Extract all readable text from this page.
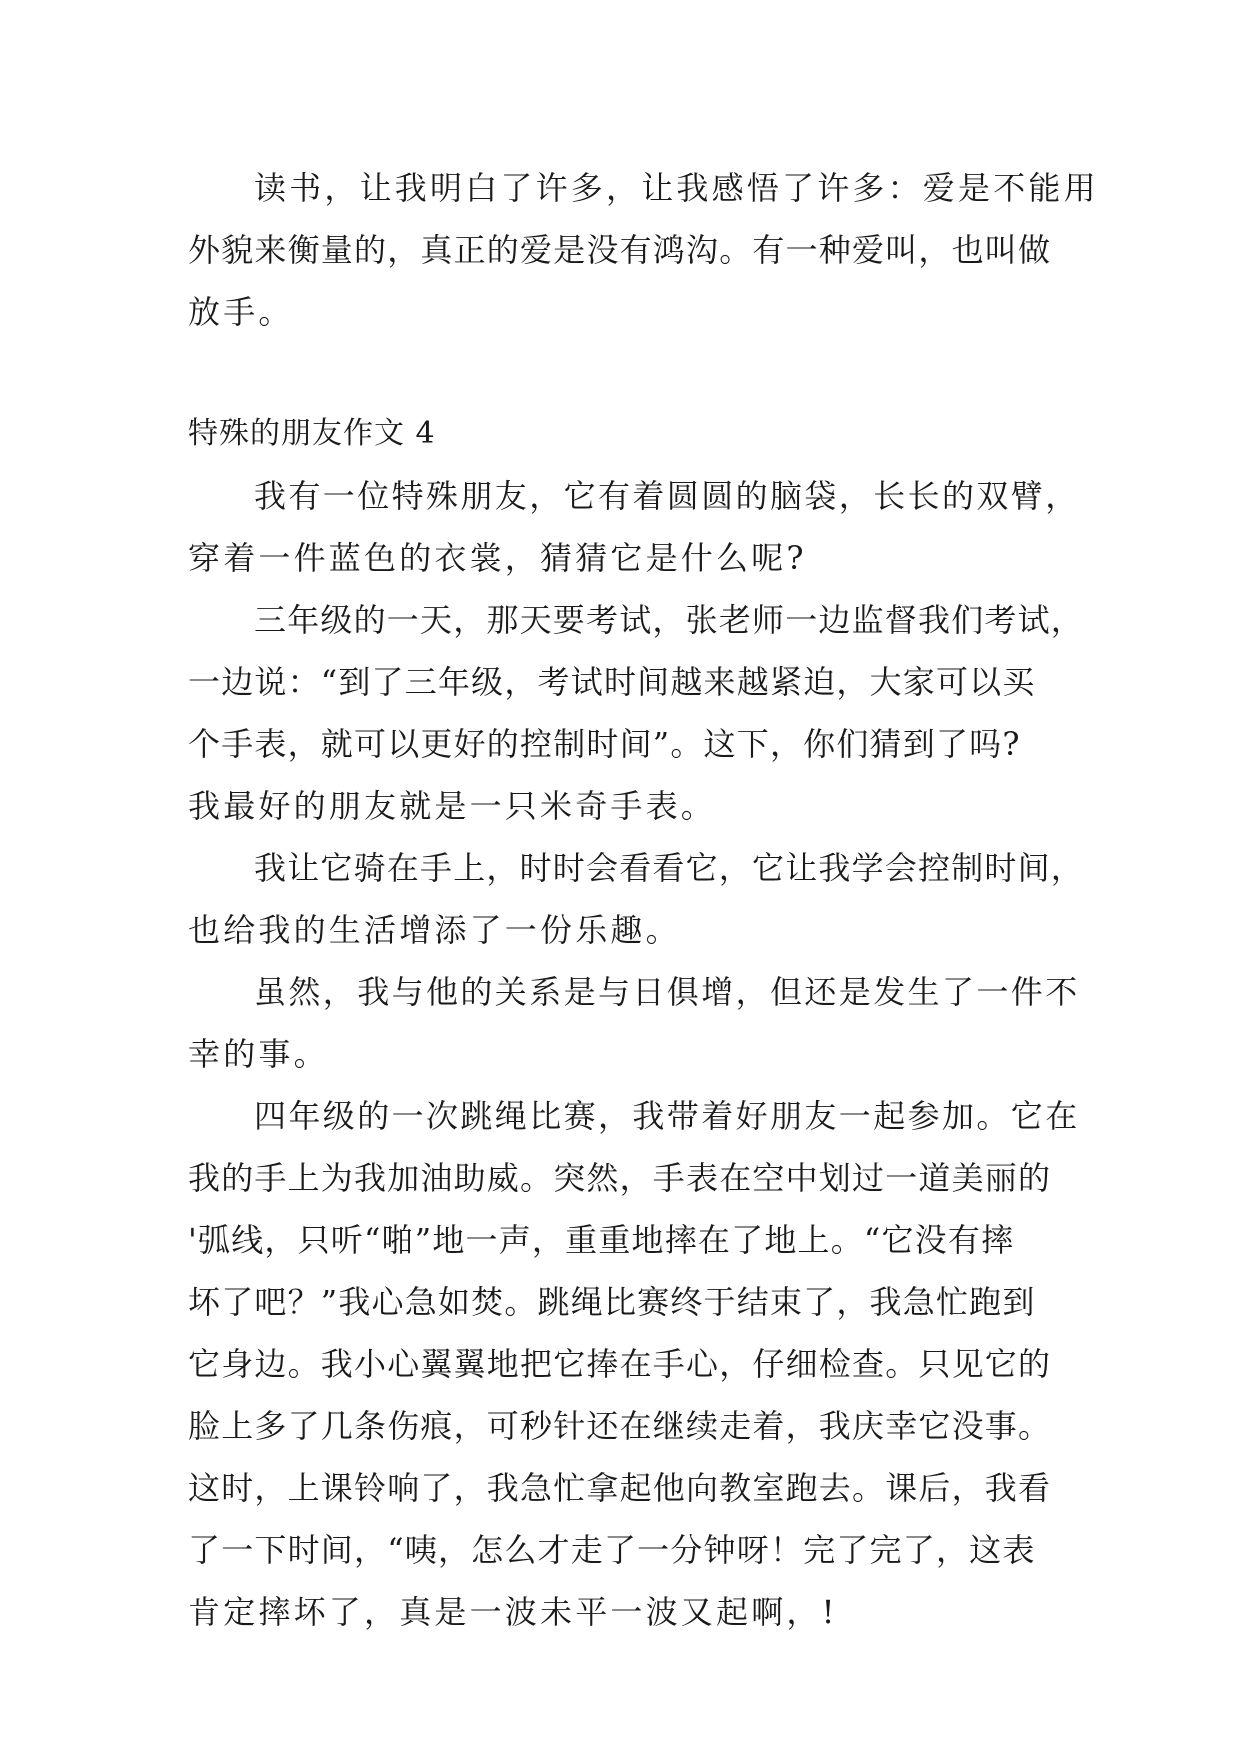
读书，让我明白了许多，让我感悟了许多：爱是不能用
外貌来衡量的，真正的爱是没有鸿沟。有一种爱叫，也叫做
放手。
特殊的朋友作文 4
我有一位特殊朋友，它有着圆圆的脑袋，长长的双臂，
穿着一件蓝色的衣裳，猜猜它是什么呢?
三年级的一天，那天要考试，张老师一边监督我们考试，
一边说：“到了三年级，考试时间越来越紧迫，大家可以买
个手表，就可以更好的控制时间”。这下，你们猜到了吗?
我最好的朋友就是一只米奇手表。
我让它骑在手上，时时会看看它，它让我学会控制时间，
也给我的生活增添了一份乐趣。
虽然，我与他的关系是与日俱增，但还是发生了一件不
幸的事。
四年级的一次跳绳比赛，我带着好朋友一起参加。它在
我的手上为我加油助威。突然，手表在空中划过一道美丽的
'弧线，只听“啪”地一声，重重地摔在了地上。“它没有摔
坏了吧？”我心急如焚。跳绳比赛终于结束了，我急忙跑到
它身边。我小心翼翼地把它捧在手心，仔细检查。只见它的
脸上多了几条伤痕，可秒针还在继续走着，我庆幸它没事。
这时，上课铃响了，我急忙拿起他向教室跑去。课后，我看
了一下时间，“咦，怎么才走了一分钟呀！完了完了，这表
肯定摔坏了，真是一波未平一波又起啊，!
